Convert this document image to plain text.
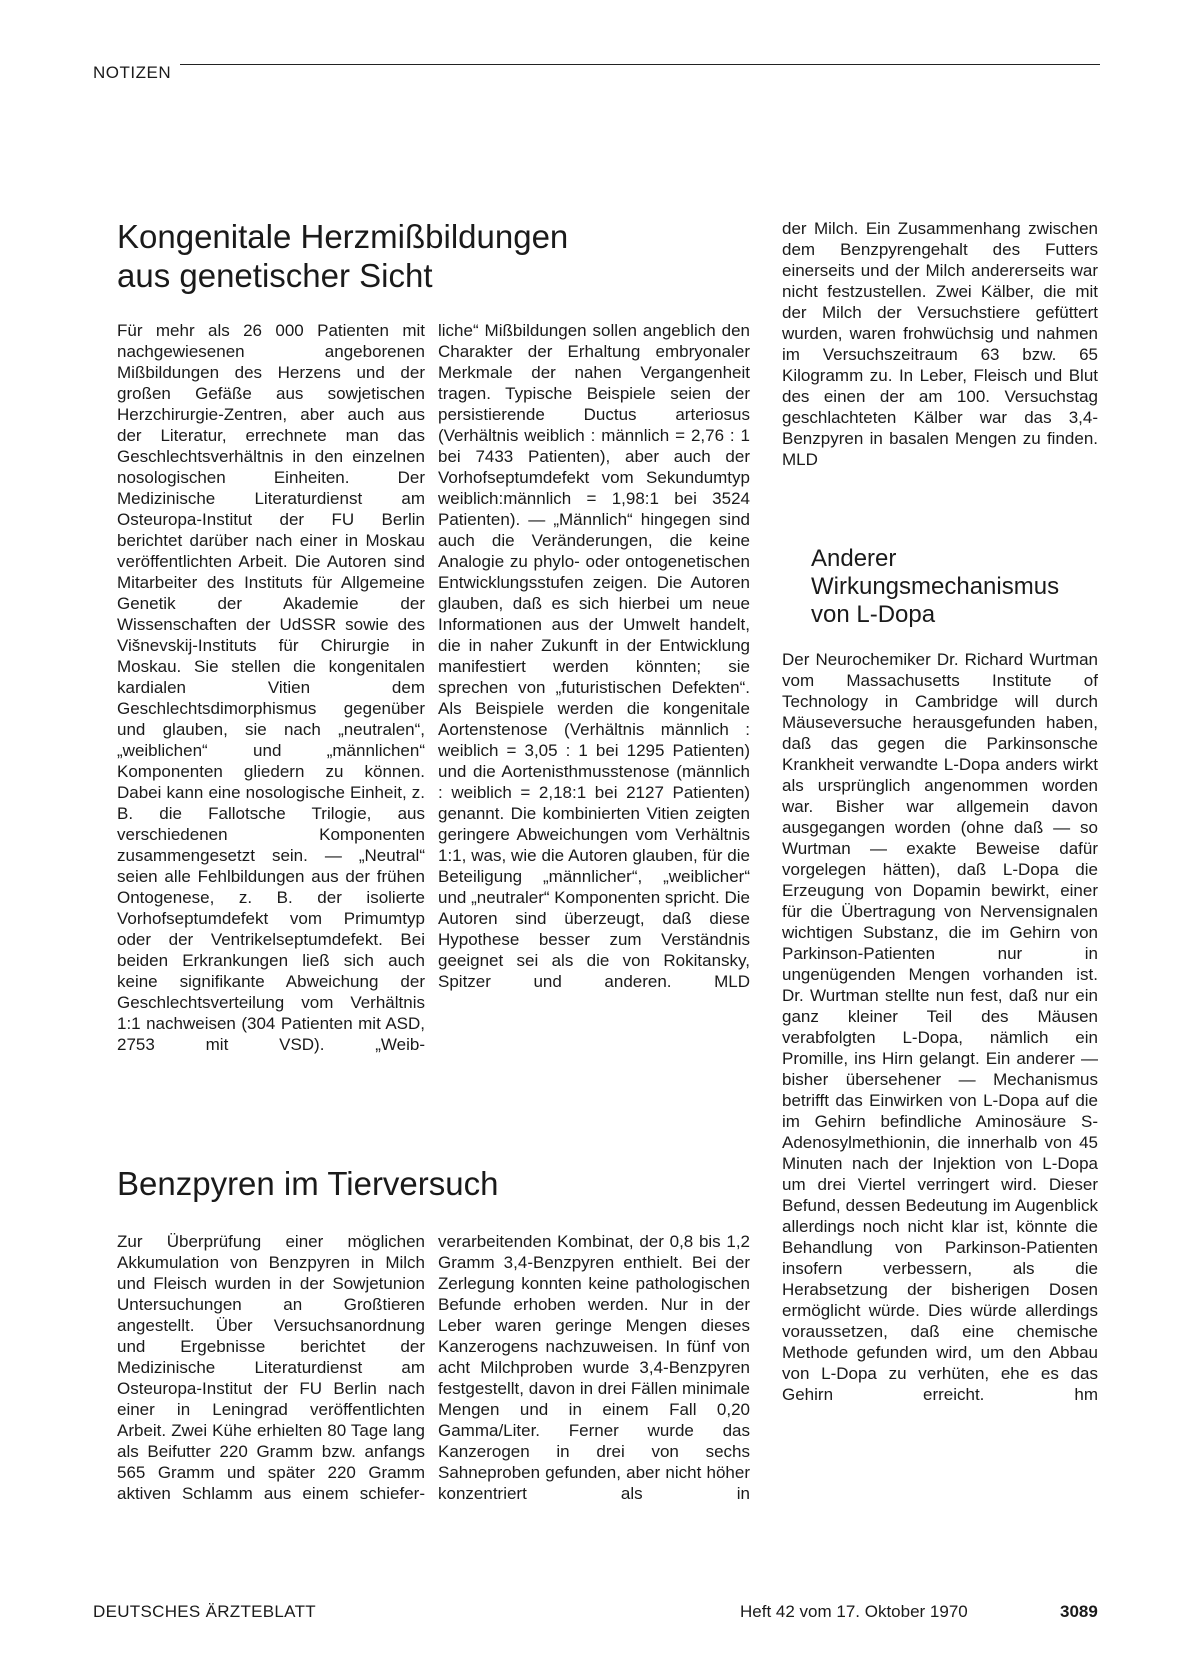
NOTIZEN
Kongenitale Herzmißbildungen
aus genetischer Sicht

Für mehr als 26 000 Patienten mit nachgewiesenen angeborenen Mißbildungen des Herzens und der großen Gefäße aus sowjetischen Herzchirurgie-Zentren, aber auch aus der Literatur, errechnete man das Geschlechtsverhältnis in den einzelnen nosologischen Einheiten. Der Medizinische Literaturdienst am Osteuropa-Institut der FU Berlin berichtet darüber nach einer in Moskau veröffentlichten Arbeit. Die Autoren sind Mitarbeiter des Instituts für Allgemeine Genetik der Akademie der Wissenschaften der UdSSR sowie des Višnevskij-Instituts für Chirurgie in Moskau. Sie stellen die kongenitalen kardialen Vitien dem Geschlechtsdimorphismus gegenüber und glauben, sie nach „neutralen“, „weiblichen“ und „männlichen“ Komponenten gliedern zu können. Dabei kann eine nosologische Einheit, z. B. die Fallotsche Trilogie, aus verschiedenen Komponenten zusammengesetzt sein. — „Neutral“ seien alle Fehlbildungen aus der frühen Ontogenese, z. B. der isolierte Vorhofseptumdefekt vom Primumtyp oder der Ventrikelseptumdefekt. Bei beiden Erkrankungen ließ sich auch keine signifikante Abweichung der Geschlechtsverteilung vom Verhältnis 1:1 nachweisen (304 Patienten mit ASD, 2753 mit VSD). „Weib-

liche“ Mißbildungen sollen angeblich den Charakter der Erhaltung embryonaler Merkmale der nahen Vergangenheit tragen. Typische Beispiele seien der persistierende Ductus arteriosus (Verhältnis weiblich : männlich = 2,76 : 1 bei 7433 Patienten), aber auch der Vorhofseptumdefekt vom Sekundumtyp weiblich:männlich = 1,98:1 bei 3524 Patienten). — „Männlich“ hingegen sind auch die Veränderungen, die keine Analogie zu phylo- oder ontogenetischen Entwicklungsstufen zeigen. Die Autoren glauben, daß es sich hierbei um neue Informationen aus der Umwelt handelt, die in naher Zukunft in der Entwicklung manifestiert werden könnten; sie sprechen von „futuristischen Defekten“. Als Beispiele werden die kongenitale Aortenstenose (Verhältnis männlich : weiblich = 3,05 : 1 bei 1295 Patienten) und die Aortenisthmusstenose (männlich : weiblich = 2,18:1 bei 2127 Patienten) genannt. Die kombinierten Vitien zeigten geringere Abweichungen vom Verhältnis 1:1, was, wie die Autoren glauben, für die Beteiligung „männlicher“, „weiblicher“ und „neutraler“ Komponenten spricht. Die Autoren sind überzeugt, daß diese Hypothese besser zum Verständnis geeignet sei als die von Rokitansky, Spitzer und anderen. MLD

Benzpyren im Tierversuch

Zur Überprüfung einer möglichen Akkumulation von Benzpyren in Milch und Fleisch wurden in der Sowjetunion Untersuchungen an Großtieren angestellt. Über Versuchsanordnung und Ergebnisse berichtet der Medizinische Literaturdienst am Osteuropa-Institut der FU Berlin nach einer in Leningrad veröffentlichten Arbeit. Zwei Kühe erhielten 80 Tage lang als Beifutter 220 Gramm bzw. anfangs 565 Gramm und später 220 Gramm aktiven Schlamm aus einem schiefer-

verarbeitenden Kombinat, der 0,8 bis 1,2 Gramm 3,4-Benzpyren enthielt. Bei der Zerlegung konnten keine pathologischen Befunde erhoben werden. Nur in der Leber waren geringe Mengen dieses Kanzerogens nachzuweisen. In fünf von acht Milchproben wurde 3,4-Benzpyren festgestellt, davon in drei Fällen minimale Mengen und in einem Fall 0,20 Gamma/Liter. Ferner wurde das Kanzerogen in drei von sechs Sahneproben gefunden, aber nicht höher konzentriert als in

der Milch. Ein Zusammenhang zwischen dem Benzpyrengehalt des Futters einerseits und der Milch andererseits war nicht festzustellen. Zwei Kälber, die mit der Milch der Versuchstiere gefüttert wurden, waren frohwüchsig und nahmen im Versuchszeitraum 63 bzw. 65 Kilogramm zu. In Leber, Fleisch und Blut des einen der am 100. Versuchstag geschlachteten Kälber war das 3,4-Benzpyren in basalen Mengen zu finden. MLD

Anderer
Wirkungsmechanismus
von L-Dopa

Der Neurochemiker Dr. Richard Wurtman vom Massachusetts Institute of Technology in Cambridge will durch Mäuseversuche herausgefunden haben, daß das gegen die Parkinsonsche Krankheit verwandte L-Dopa anders wirkt als ursprünglich angenommen worden war. Bisher war allgemein davon ausgegangen worden (ohne daß — so Wurtman — exakte Beweise dafür vorgelegen hätten), daß L-Dopa die Erzeugung von Dopamin bewirkt, einer für die Übertragung von Nervensignalen wichtigen Substanz, die im Gehirn von Parkinson-Patienten nur in ungenügenden Mengen vorhanden ist. Dr. Wurtman stellte nun fest, daß nur ein ganz kleiner Teil des Mäusen verabfolgten L-Dopa, nämlich ein Promille, ins Hirn gelangt. Ein anderer — bisher übersehener — Mechanismus betrifft das Einwirken von L-Dopa auf die im Gehirn befindliche Aminosäure S-Adenosylmethionin, die innerhalb von 45 Minuten nach der Injektion von L-Dopa um drei Viertel verringert wird. Dieser Befund, dessen Bedeutung im Augenblick allerdings noch nicht klar ist, könnte die Behandlung von Parkinson-Patienten insofern verbessern, als die Herabsetzung der bisherigen Dosen ermöglicht würde. Dies würde allerdings voraussetzen, daß eine chemische Methode gefunden wird, um den Abbau von L-Dopa zu verhüten, ehe es das Gehirn erreicht. hm

DEUTSCHES ÄRZTEBLATT	Heft 42 vom 17. Oktober 1970	3089
